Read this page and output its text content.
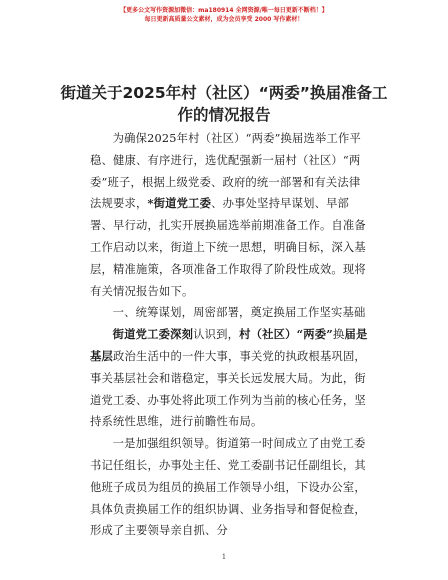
【更多公文写作资源加微信：ma180914 全网资源/唯一每日更新不断档！】
每日更新高质量公文素材，成为会员享受 2000 写作素材！
街道关于2025年村（社区）“两委”换届准备工作的情况报告

为确保2025年村（社区）“两委”换届选举工作平稳、健康、有序进行，选优配强新一届村（社区）“两委”班子，根据上级党委、政府的统一部署和有关法律法规要求，*街道党工委、办事处坚持早谋划、早部署、早行动，扎实开展换届选举前期准备工作。自准备工作启动以来，街道上下统一思想，明确目标，深入基层，精准施策，各项准备工作取得了阶段性成效。现将有关情况报告如下。

一、统筹谋划，周密部署，奠定换届工作坚实基础

街道党工委深刻认识到，村（社区）“两委”换届是基层政治生活中的一件大事，事关党的执政根基巩固，事关基层社会和谐稳定，事关长远发展大局。为此，街道党工委、办事处将此项工作列为当前的核心任务，坚持系统性思维，进行前瞻性布局。

一是加强组织领导。街道第一时间成立了由党工委书记任组长，办事处主任、党工委副书记任副组长，其他班子成员为组员的换届工作领导小组，下设办公室，具体负责换届工作的组织协调、业务指导和督促检查，形成了主要领导亲自抓、分

1
